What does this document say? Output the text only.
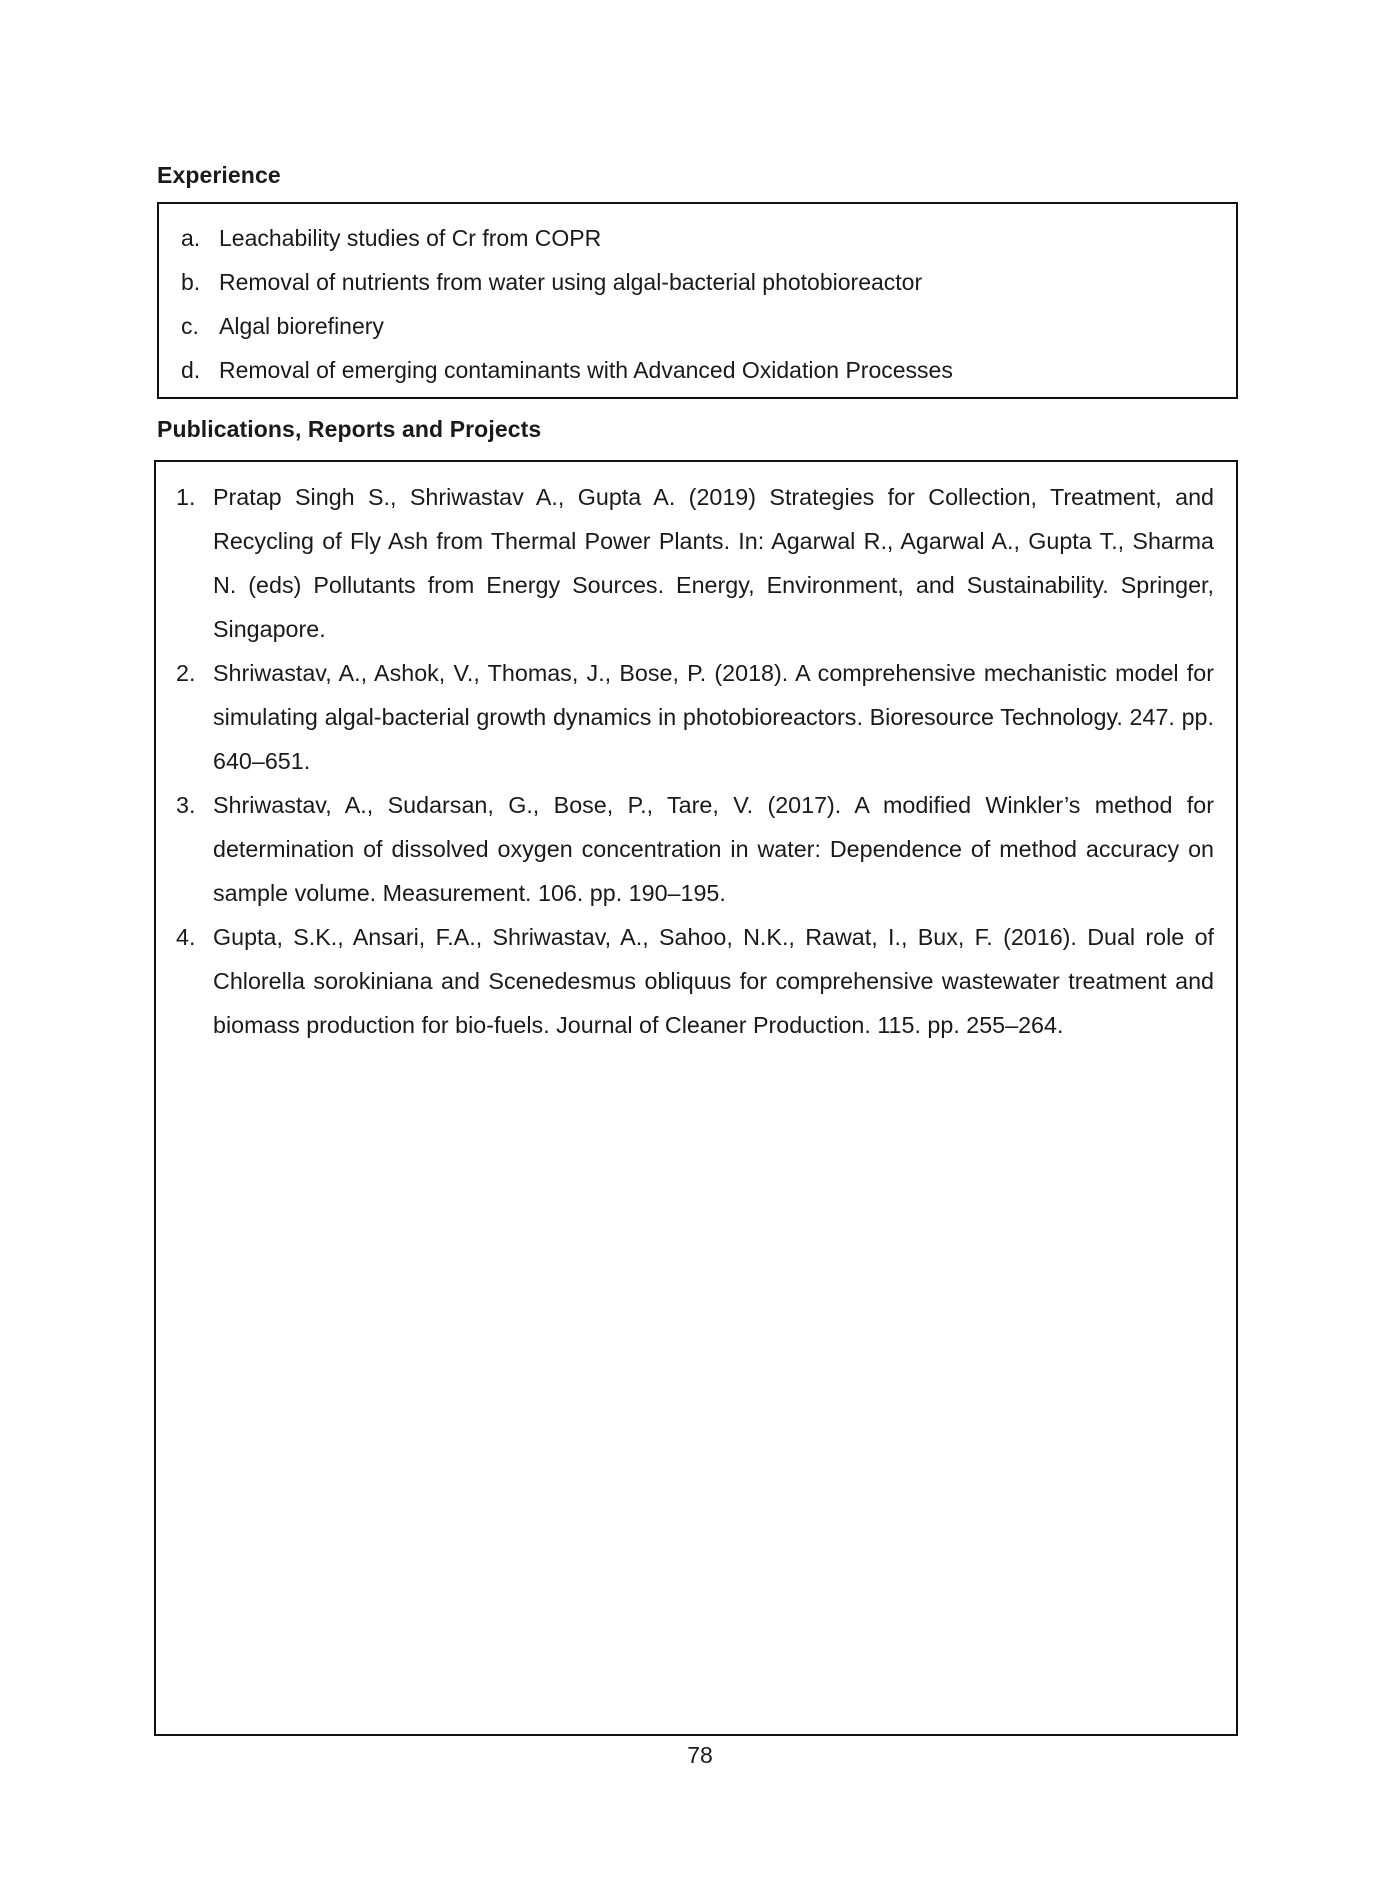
Experience
a. Leachability studies of Cr from COPR
b. Removal of nutrients from water using algal-bacterial photobioreactor
c. Algal biorefinery
d. Removal of emerging contaminants with Advanced Oxidation Processes
Publications, Reports and Projects
1. Pratap Singh S., Shriwastav A., Gupta A. (2019) Strategies for Collection, Treatment, and Recycling of Fly Ash from Thermal Power Plants. In: Agarwal R., Agarwal A., Gupta T., Sharma N. (eds) Pollutants from Energy Sources. Energy, Environment, and Sustainability. Springer, Singapore.
2. Shriwastav, A., Ashok, V., Thomas, J., Bose, P. (2018). A comprehensive mechanistic model for simulating algal-bacterial growth dynamics in photobioreactors. Bioresource Technology. 247. pp. 640–651.
3. Shriwastav, A., Sudarsan, G., Bose, P., Tare, V. (2017). A modified Winkler’s method for determination of dissolved oxygen concentration in water: Dependence of method accuracy on sample volume. Measurement. 106. pp. 190–195.
4. Gupta, S.K., Ansari, F.A., Shriwastav, A., Sahoo, N.K., Rawat, I., Bux, F. (2016). Dual role of Chlorella sorokiniana and Scenedesmus obliquus for comprehensive wastewater treatment and biomass production for bio-fuels. Journal of Cleaner Production. 115. pp. 255–264.
78
